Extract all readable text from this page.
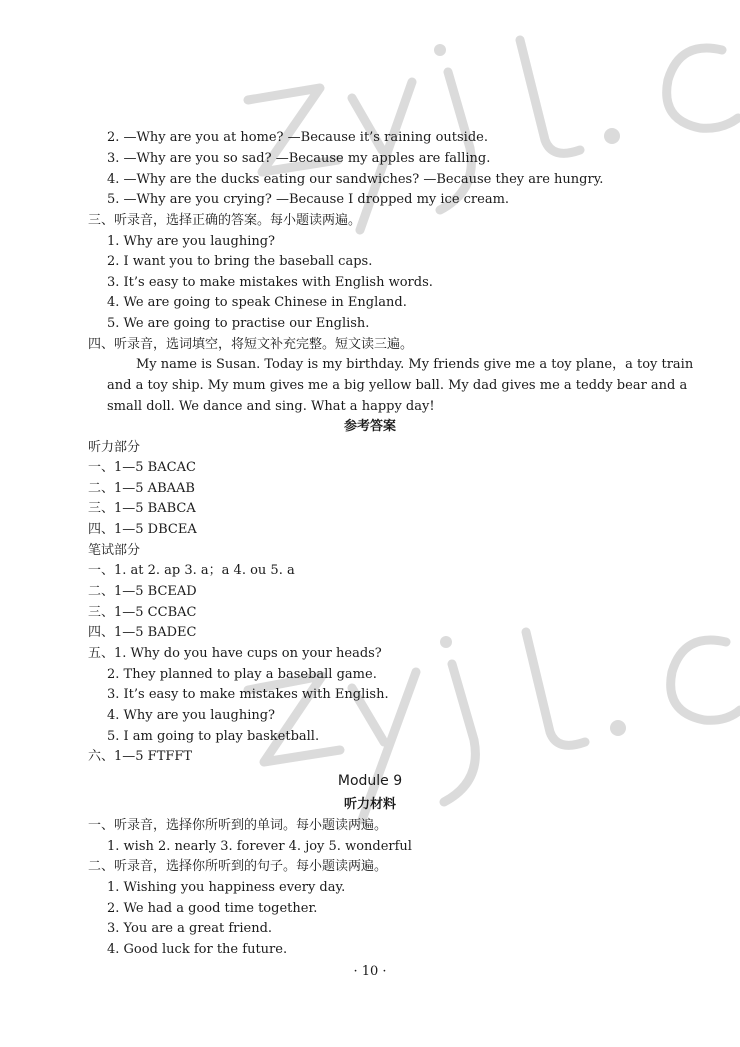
2. —Why are you at home? —Because it’s raining outside.
3. —Why are you so sad? —Because my apples are falling.
4. —Why are the ducks eating our sandwiches? —Because they are hungry.
5. —Why are you crying? —Because I dropped my ice cream.
三、听录音，选择正确的答案。每小题读两遍。
1. Why are you laughing?
2. I want you to bring the baseball caps.
3. It’s easy to make mistakes with English words.
4. We are going to speak Chinese in England.
5. We are going to practise our English.
四、听录音，选词填空，将短文补充完整。短文读三遍。
My name is Susan. Today is my birthday. My friends give me a toy plane，a toy train
and a toy ship. My mum gives me a big yellow ball. My dad gives me a teddy bear and a
small doll. We dance and sing. What a happy day!
参考答案
听力部分
一、1—5 BACAC
二、1—5 ABAAB
三、1—5 BABCA
四、1—5 DBCEA
笔试部分
一、1. at 2. ap 3. a；a 4. ou 5. a
二、1—5 BCEAD
三、1—5 CCBAC
四、1—5 BADEC
五、1. Why do you have cups on your heads?
2. They planned to play a baseball game.
3. It’s easy to make mistakes with English.
4. Why are you laughing?
5. I am going to play basketball.
六、1—5 FTFFT
Module 9
听力材料
一、听录音，选择你所听到的单词。每小题读两遍。
1. wish 2. nearly 3. forever 4. joy 5. wonderful
二、听录音，选择你所听到的句子。每小题读两遍。
1. Wishing you happiness every day.
2. We had a good time together.
3. You are a great friend.
4. Good luck for the future.
· 10 ·
